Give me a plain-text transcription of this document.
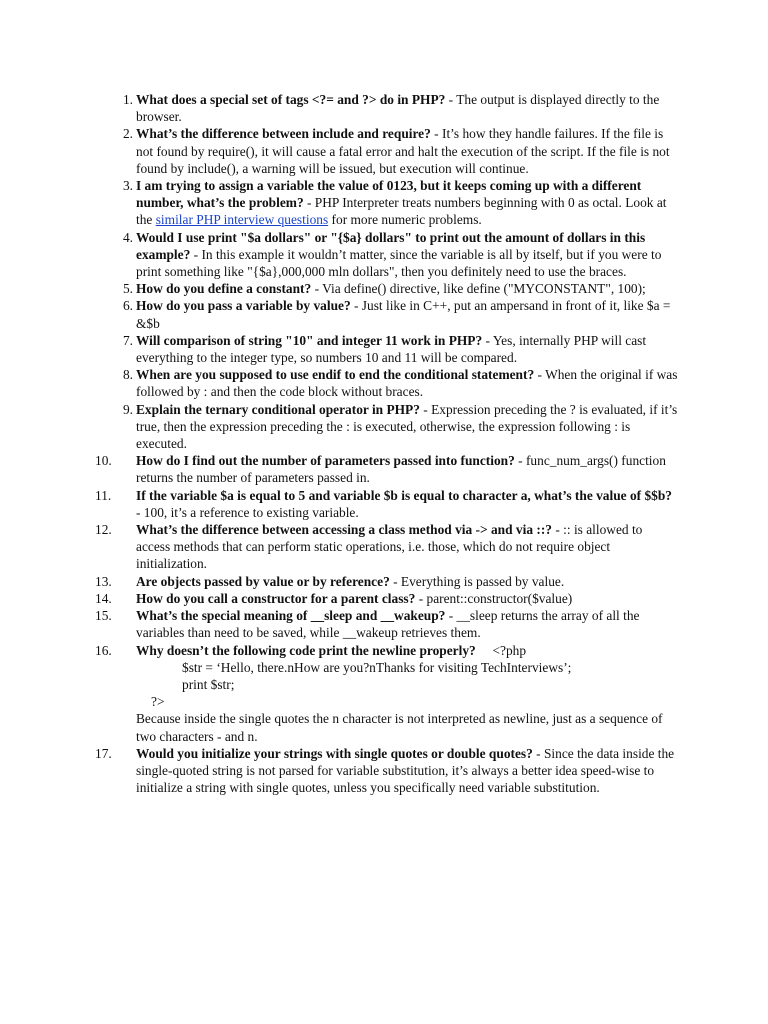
1. What does a special set of tags <?= and ?> do in PHP? - The output is displayed directly to the browser.
2. What’s the difference between include and require? - It’s how they handle failures. If the file is not found by require(), it will cause a fatal error and halt the execution of the script. If the file is not found by include(), a warning will be issued, but execution will continue.
3. I am trying to assign a variable the value of 0123, but it keeps coming up with a different number, what’s the problem? - PHP Interpreter treats numbers beginning with 0 as octal. Look at the similar PHP interview questions for more numeric problems.
4. Would I use print "$a dollars" or "{$a} dollars" to print out the amount of dollars in this example? - In this example it wouldn’t matter, since the variable is all by itself, but if you were to print something like "{$a},000,000 mln dollars", then you definitely need to use the braces.
5. How do you define a constant? - Via define() directive, like define ("MYCONSTANT", 100);
6. How do you pass a variable by value? - Just like in C++, put an ampersand in front of it, like $a = &$b
7. Will comparison of string "10" and integer 11 work in PHP? - Yes, internally PHP will cast everything to the integer type, so numbers 10 and 11 will be compared.
8. When are you supposed to use endif to end the conditional statement? - When the original if was followed by : and then the code block without braces.
9. Explain the ternary conditional operator in PHP? - Expression preceding the ? is evaluated, if it’s true, then the expression preceding the : is executed, otherwise, the expression following : is executed.
10.	How do I find out the number of parameters passed into function? - func_num_args() function returns the number of parameters passed in.
11.	If the variable $a is equal to 5 and variable $b is equal to character a, what’s the value of $$b? - 100, it’s a reference to existing variable.
12.	What’s the difference between accessing a class method via -> and via ::? - :: is allowed to access methods that can perform static operations, i.e. those, which do not require object initialization.
13.	Are objects passed by value or by reference? - Everything is passed by value.
14.	How do you call a constructor for a parent class? - parent::constructor($value)
15.	What’s the special meaning of __sleep and __wakeup? - __sleep returns the array of all the variables than need to be saved, while __wakeup retrieves them.
16.	Why doesn’t the following code print the newline properly?     <?php
$str = ‘Hello, there.nHow are you?nThanks for visiting TechInterviews’;
print $str;
?>
Because inside the single quotes the n character is not interpreted as newline, just as a sequence of two characters - and n.
17.	Would you initialize your strings with single quotes or double quotes? - Since the data inside the single-quoted string is not parsed for variable substitution, it’s always a better idea speed-wise to initialize a string with single quotes, unless you specifically need variable substitution.
